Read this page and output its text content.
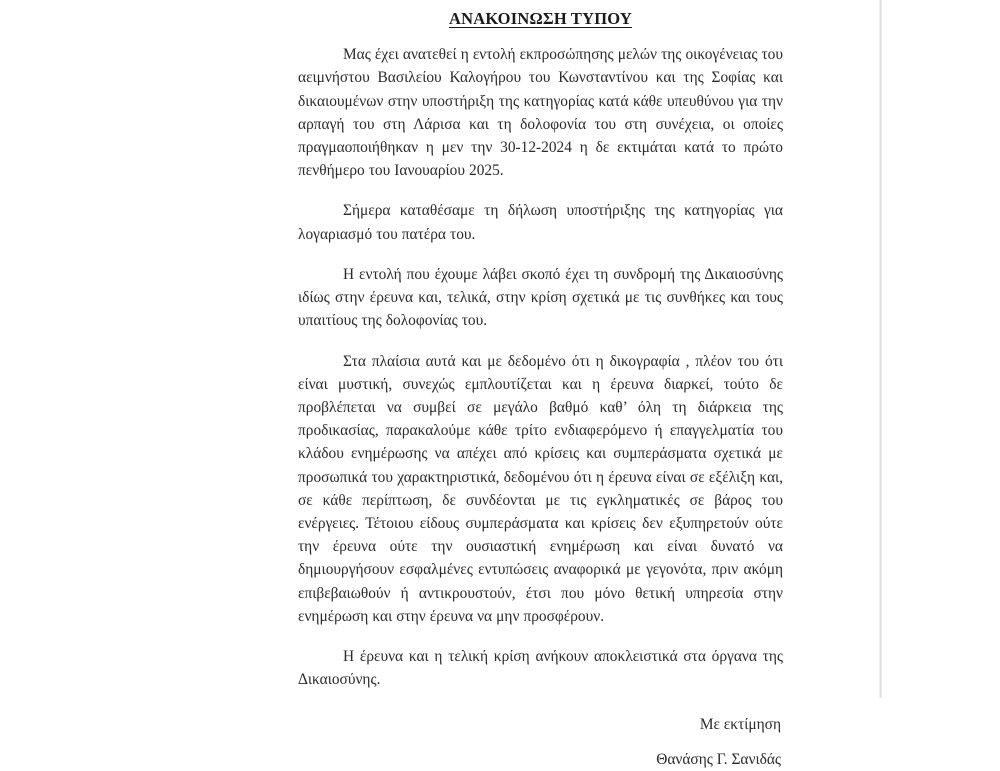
ΑΝΑΚΟΙΝΩΣΗ ΤΥΠΟΥ

Μας έχει ανατεθεί η εντολή εκπροσώπησης μελών της οικογένειας του αειμνήστου Βασιλείου Καλογήρου του Κωνσταντίνου και της Σοφίας και δικαιουμένων στην υποστήριξη της κατηγορίας κατά κάθε υπευθύνου για την αρπαγή του στη Λάρισα και τη δολοφονία του στη συνέχεια, οι οποίες πραγμαοποιήθηκαν η μεν την 30-12-2024 η δε εκτιμάται κατά το πρώτο πενθήμερο του Ιανουαρίου 2025.

Σήμερα καταθέσαμε τη δήλωση υποστήριξης της κατηγορίας για λογαριασμό του πατέρα του.

Η εντολή που έχουμε λάβει σκοπό έχει τη συνδρομή της Δικαιοσύνης ιδίως στην έρευνα και, τελικά, στην κρίση σχετικά με τις συνθήκες και τους υπαιτίους της δολοφονίας του.

Στα πλαίσια αυτά και με δεδομένο ότι η δικογραφία , πλέον του ότι είναι μυστική, συνεχώς εμπλουτίζεται και η έρευνα διαρκεί, τούτο δε προβλέπεται να συμβεί σε μεγάλο βαθμό καθ’ όλη τη διάρκεια της προδικασίας, παρακαλούμε κάθε τρίτο ενδιαφερόμενο ή επαγγελματία του κλάδου ενημέρωσης να απέχει από κρίσεις και συμπεράσματα σχετικά με προσωπικά του χαρακτηριστικά, δεδομένου ότι η έρευνα είναι σε εξέλιξη και, σε κάθε περίπτωση, δε συνδέονται με τις εγκληματικές σε βάρος του ενέργειες. Τέτοιου είδους συμπεράσματα και κρίσεις δεν εξυπηρετούν ούτε την έρευνα ούτε την ουσιαστική ενημέρωση και είναι δυνατό να δημιουργήσουν εσφαλμένες εντυπώσεις αναφορικά με γεγονότα, πριν ακόμη επιβεβαιωθούν ή αντικρουστούν, έτσι που μόνο θετική υπηρεσία στην ενημέρωση και στην έρευνα να μην προσφέρουν.

Η έρευνα και η τελική κρίση ανήκουν αποκλειστικά στα όργανα της Δικαιοσύνης.

Με εκτίμηση

Θανάσης Γ. Σανιδάς
